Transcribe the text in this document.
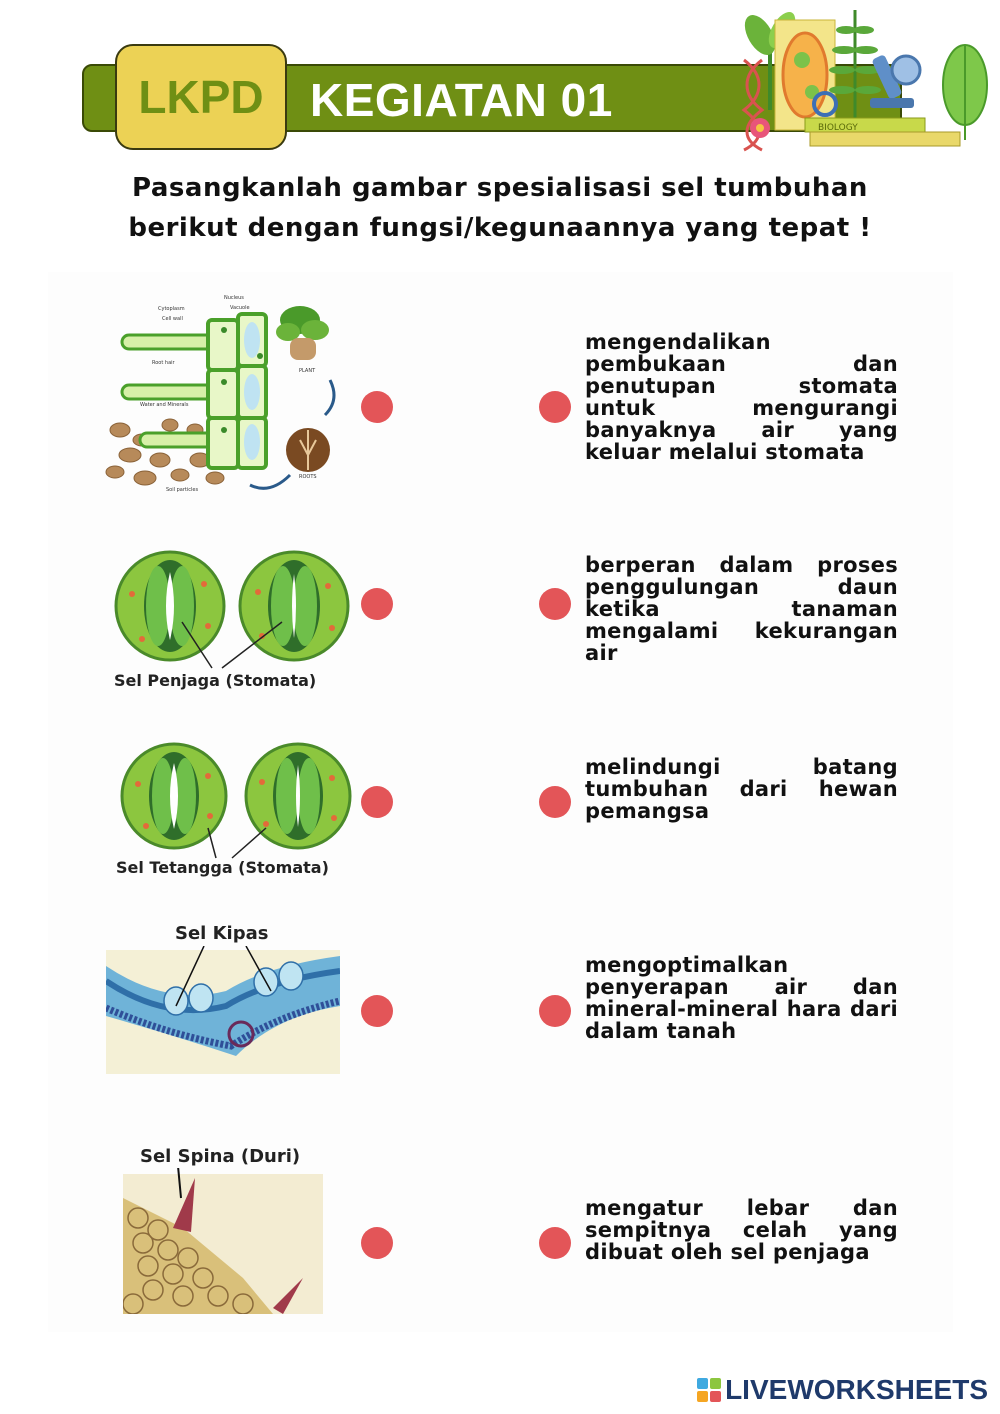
LKPD	KEGIATAN 01
BIOLOGY
Pasangkanlah gambar spesialisasi sel tumbuhan
berikut dengan fungsi/kegunaannya yang tepat !
Cytoplasm
Cell wall
Nucleus
Vacuole
Root hair
Water and Minerals
Soil particles
PLANT
ROOTS
Sel Penjaga (Stomata)
Sel Tetangga (Stomata)
Sel Kipas
Sel Spina (Duri)
mengendalikan pembukaan dan penutupan stomata untuk mengurangi banyaknya air yang keluar melalui stomata
berperan dalam proses penggulungan daun ketika tanaman mengalami kekurangan air
melindungi batang tumbuhan dari hewan pemangsa
mengoptimalkan penyerapan air dan mineral-mineral hara dari dalam tanah
mengatur lebar dan sempitnya celah yang dibuat oleh sel penjaga
LIVEWORKSHEETS
